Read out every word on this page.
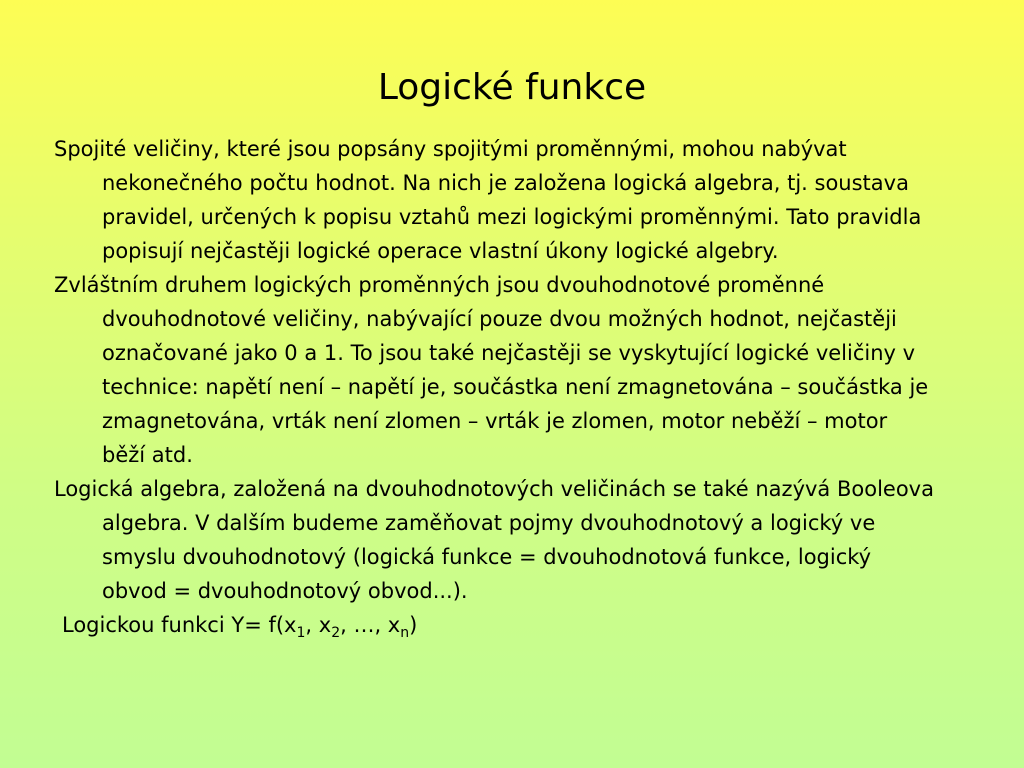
Logické funkce

Spojité veličiny, které jsou popsány spojitými proměnnými, mohou nabývat nekonečného počtu hodnot. Na nich je založena logická algebra, tj. soustava pravidel, určených k popisu vztahů mezi logickými proměnnými. Tato pravidla popisují nejčastěji logické operace vlastní úkony logické algebry.

Zvláštním druhem logických proměnných jsou dvouhodnotové proměnné dvouhodnotové veličiny, nabývající pouze dvou možných hodnot, nejčastěji označované jako 0 a 1. To jsou také nejčastěji se vyskytující logické veličiny v technice: napětí není – napětí je, součástka není zmagnetována – součástka je zmagnetována, vrták není zlomen – vrták je zlomen, motor neběží – motor běží atd.

Logická algebra, založená na dvouhodnotových veličinách se také nazývá Booleova algebra. V dalším budeme zaměňovat pojmy dvouhodnotový a logický ve smyslu dvouhodnotový (logická funkce = dvouhodnotová funkce, logický obvod = dvouhodnotový obvod...).

Logickou funkci $Y= f(x_1$, $x_2$, …, $x_n$)
